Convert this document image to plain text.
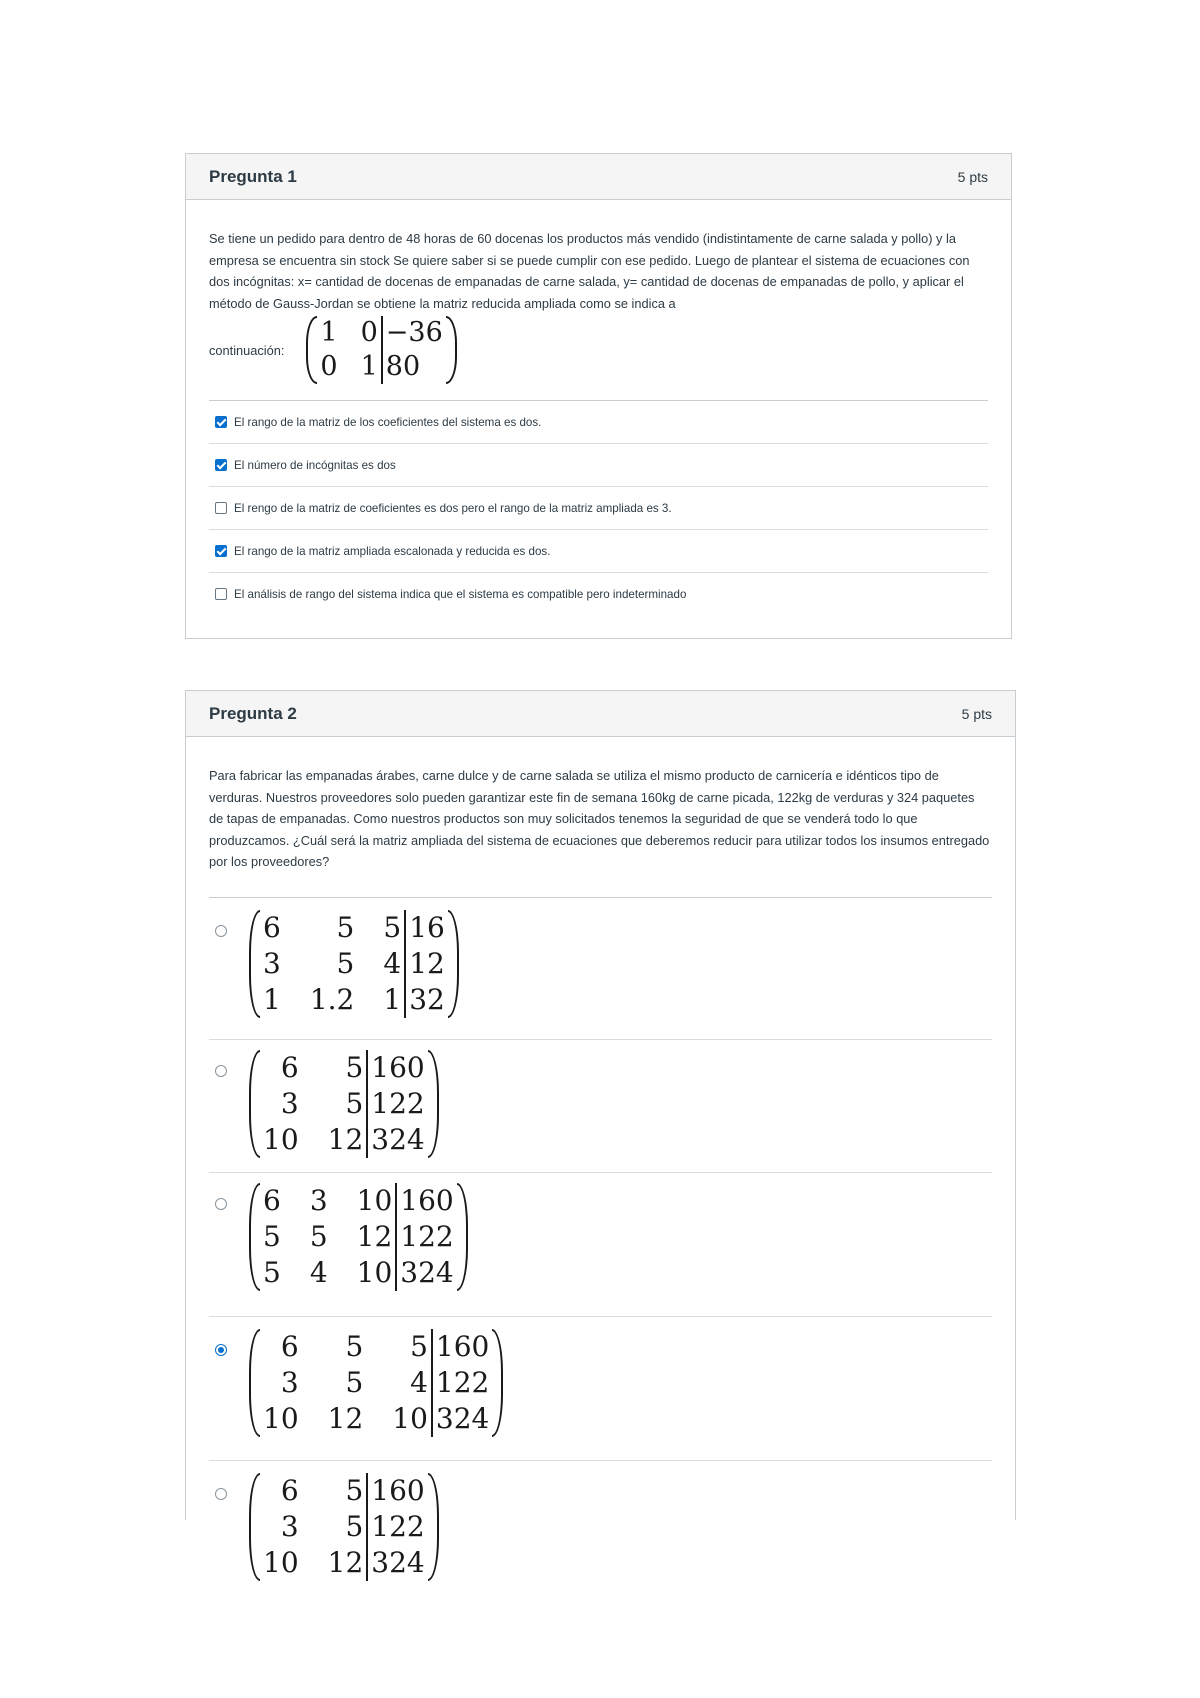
Pregunta 1	5 pts

Se tiene un pedido para dentro de 48 horas de 60 docenas los productos más vendido (indistintamente de carne salada y pollo) y la empresa se encuentra sin stock Se quiere saber si se puede cumplir con ese pedido. Luego de plantear el sistema de ecuaciones con dos incógnitas: x= cantidad de docenas de empanadas de carne salada, y= cantidad de docenas de empanadas de pollo, y aplicar el método de Gauss-Jordan se obtiene la matriz reducida ampliada como se indica a

continuación:
1 0 −36
0 1 80
El rango de la matriz de los coeficientes del sistema es dos.
El número de incógnitas es dos
El rengo de la matriz de coeficientes es dos pero el rango de la matriz ampliada es 3.
El rango de la matriz ampliada escalonada y reducida es dos.
El análisis de rango del sistema indica que el sistema es compatible pero indeterminado
Pregunta 2	5 pts

Para fabricar las empanadas árabes, carne dulce y de carne salada se utiliza el mismo producto de carnicería e idénticos tipo de verduras. Nuestros proveedores solo pueden garantizar este fin de semana 160kg de carne picada, 122kg de verduras y 324 paquetes de tapas de empanadas. Como nuestros productos son muy solicitados tenemos la seguridad de que se venderá todo lo que produzcamos. ¿Cuál será la matriz ampliada del sistema de ecuaciones que deberemos reducir para utilizar todos los insumos entregado por los proveedores?

6	5	5 16
3	5	4 12
1	1.2	1 32
6	5 160
3	5 122
10	12 324
6	3	10 160
5	5	12 122
5	4	10 324
6	5	5 160
3	5	4 122
10	12	10 324
6	5 160
3	5 122
10	12 324
